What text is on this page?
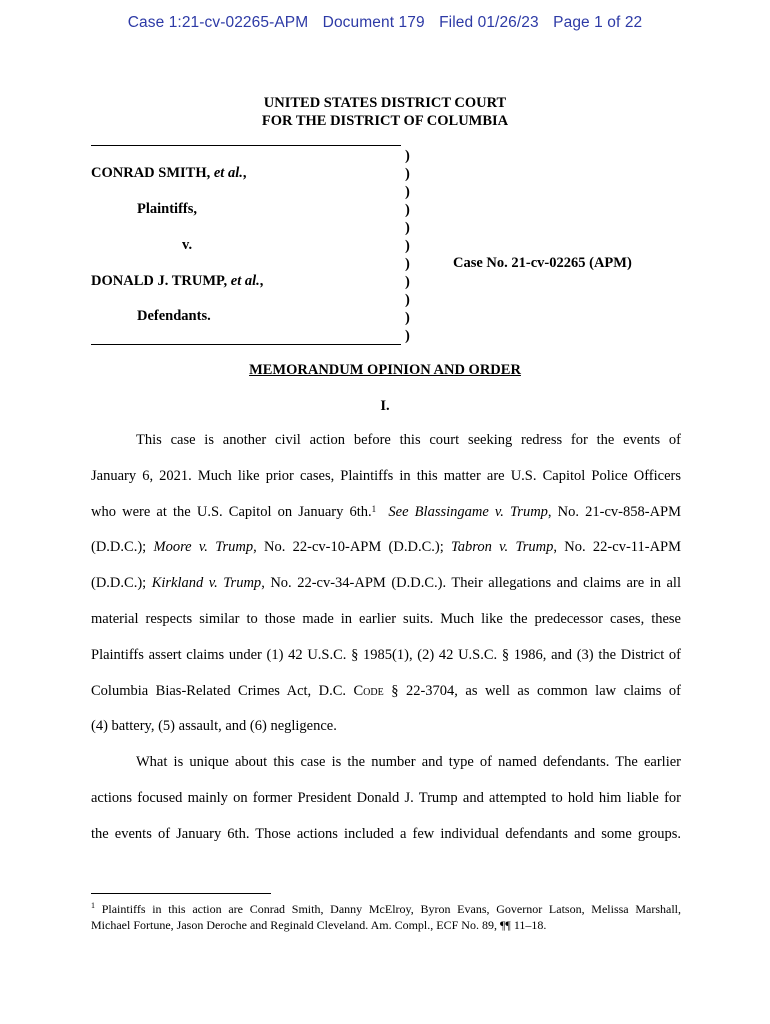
Case 1:21-cv-02265-APM Document 179 Filed 01/26/23 Page 1 of 22
UNITED STATES DISTRICT COURT
FOR THE DISTRICT OF COLUMBIA
)
)
)
)
)
)
)
)
)
)
)
CONRAD SMITH, et al.,
Plaintiffs,
v.
DONALD J. TRUMP, et al.,
Defendants.
Case No. 21-cv-02265 (APM)
MEMORANDUM OPINION AND ORDER
I.
This case is another civil action before this court seeking redress for the events of
January 6, 2021. Much like prior cases, Plaintiffs in this matter are U.S. Capitol Police Officers
who were at the U.S. Capitol on January 6th.$^1$ See Blassingame v. Trump, No. 21-cv-858-APM
(D.D.C.); Moore v. Trump, No. 22-cv-10-APM (D.D.C.); Tabron v. Trump, No. 22-cv-11-APM
(D.D.C.); Kirkland v. Trump, No. 22-cv-34-APM (D.D.C.). Their allegations and claims are in all
material respects similar to those made in earlier suits. Much like the predecessor cases, these
Plaintiffs assert claims under (1) 42 U.S.C. § 1985(1), (2) 42 U.S.C. § 1986, and (3) the District of
Columbia Bias-Related Crimes Act, D.C. Code § 22-3704, as well as common law claims of
(4) battery, (5) assault, and (6) negligence.
What is unique about this case is the number and type of named defendants. The earlier
actions focused mainly on former President Donald J. Trump and attempted to hold him liable for
the events of January 6th. Those actions included a few individual defendants and some groups.
$^1$ Plaintiffs in this action are Conrad Smith, Danny McElroy, Byron Evans, Governor Latson, Melissa Marshall,
Michael Fortune, Jason Deroche and Reginald Cleveland. Am. Compl., ECF No. 89, ¶¶ 11–18.
